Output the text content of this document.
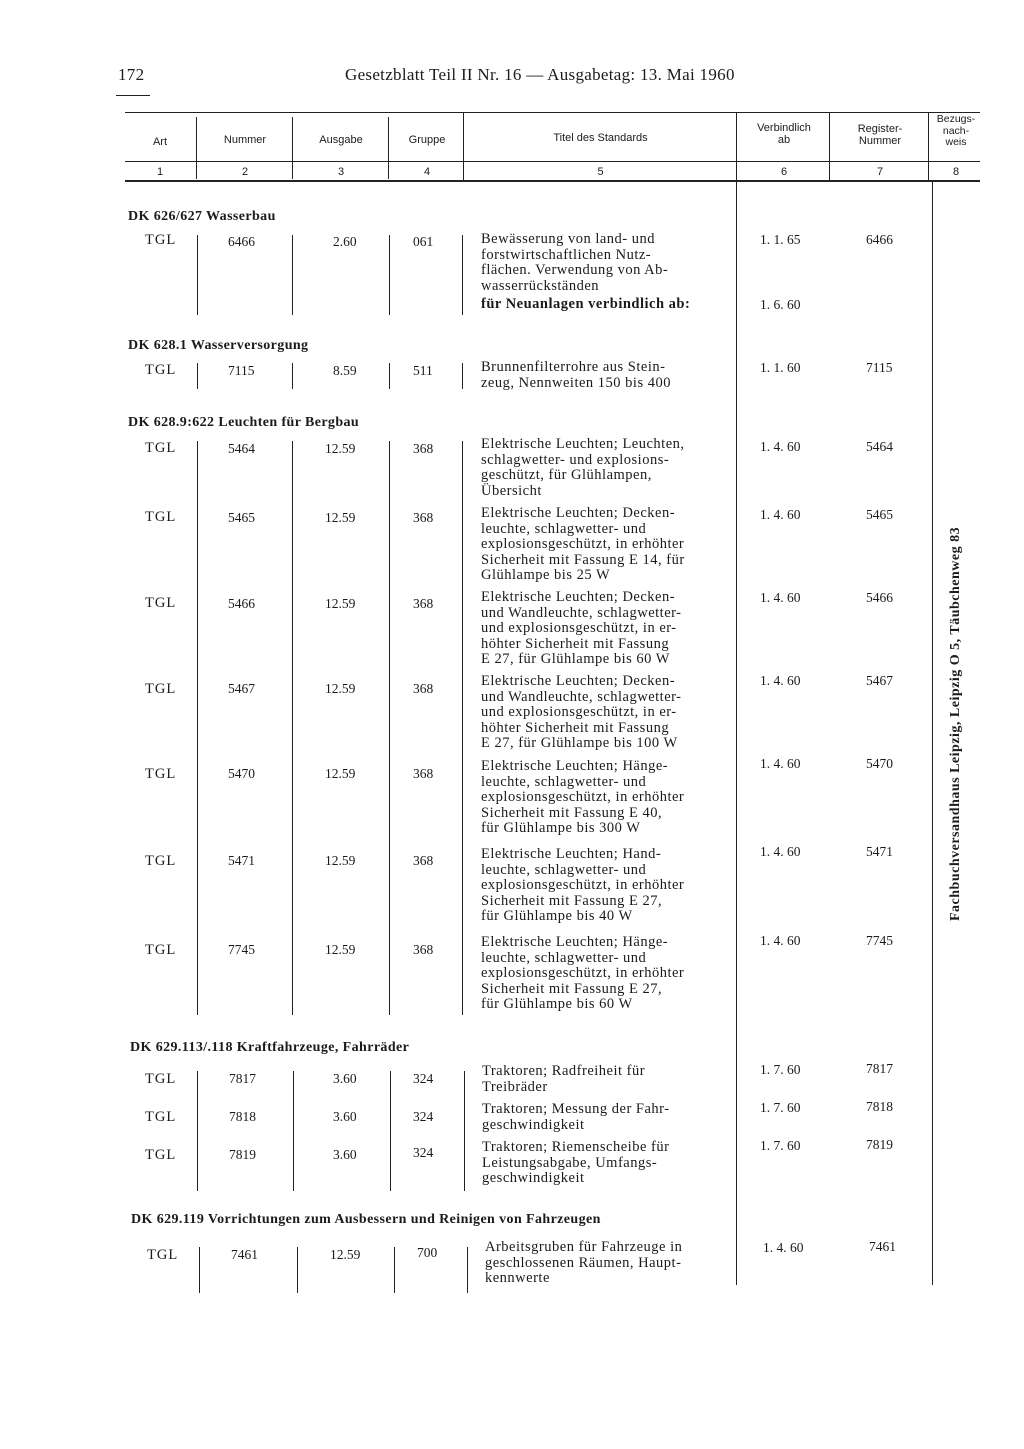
172	Gesetzblatt Teil II Nr. 16 — Ausgabetag: 13. Mai 1960
Art	Nummer	Ausgabe	Gruppe	Titel des Standards
Verbindlich
ab
Register-
Nummer
Bezugs-
nach-
weis
1	2	3	4	5	6	7	8
DK 626/627 Wasserbau
TGL	6466	2.60	061	Bewässerung von land- und
forstwirtschaftlichen Nutz-
flächen. Verwendung von Ab-
wasserrückständen
1. 1. 65	6466
für Neuanlagen verbindlich ab:	1. 6. 60
DK 628.1 Wasserversorgung
TGL	7115	8.59	511	Brunnenfilterrohre aus Stein-
zeug, Nennweiten 150 bis 400
1. 1. 60	7115
DK 628.9:622 Leuchten für Bergbau
TGL	5464	12.59	368	Elektrische Leuchten; Leuchten,
schlagwetter- und explosions-
geschützt, für Glühlampen,
Übersicht
1. 4. 60	5464
TGL	5465	12.59	368	Elektrische Leuchten; Decken-
leuchte, schlagwetter- und
explosionsgeschützt, in erhöhter
Sicherheit mit Fassung E 14, für
Glühlampe bis 25 W
1. 4. 60	5465
TGL	5466	12.59	368	Elektrische Leuchten; Decken-
und Wandleuchte, schlagwetter-
und explosionsgeschützt, in er-
höhter Sicherheit mit Fassung
E 27, für Glühlampe bis 60 W
1. 4. 60	5466
TGL	5467	12.59	368	Elektrische Leuchten; Decken-
und Wandleuchte, schlagwetter-
und explosionsgeschützt, in er-
höhter Sicherheit mit Fassung
E 27, für Glühlampe bis 100 W
1. 4. 60	5467
TGL	5470	12.59	368	Elektrische Leuchten; Hänge-
leuchte, schlagwetter- und
explosionsgeschützt, in erhöhter
Sicherheit mit Fassung E 40,
für Glühlampe bis 300 W
1. 4. 60	5470
TGL	5471	12.59	368	Elektrische Leuchten; Hand-
leuchte, schlagwetter- und
explosionsgeschützt, in erhöhter
Sicherheit mit Fassung E 27,
für Glühlampe bis 40 W
1. 4. 60	5471
TGL	7745	12.59	368	Elektrische Leuchten; Hänge-
leuchte, schlagwetter- und
explosionsgeschützt, in erhöhter
Sicherheit mit Fassung E 27,
für Glühlampe bis 60 W
1. 4. 60	7745
DK 629.113/.118 Kraftfahrzeuge, Fahrräder
TGL	7817	3.60	324	Traktoren; Radfreiheit für
Treibräder
1. 7. 60	7817
TGL	7818	3.60	324	Traktoren; Messung der Fahr-
geschwindigkeit
1. 7. 60	7818
TGL	7819	3.60	324	Traktoren; Riemenscheibe für
Leistungsabgabe, Umfangs-
geschwindigkeit
1. 7. 60	7819
DK 629.119 Vorrichtungen zum Ausbessern und Reinigen von Fahrzeugen
TGL	7461	12.59	700	Arbeitsgruben für Fahrzeuge in
geschlossenen Räumen, Haupt-
kennwerte
1. 4. 60	7461
Fachbuchversandhaus Leipzig, Leipzig O 5, Täubchenweg 83
